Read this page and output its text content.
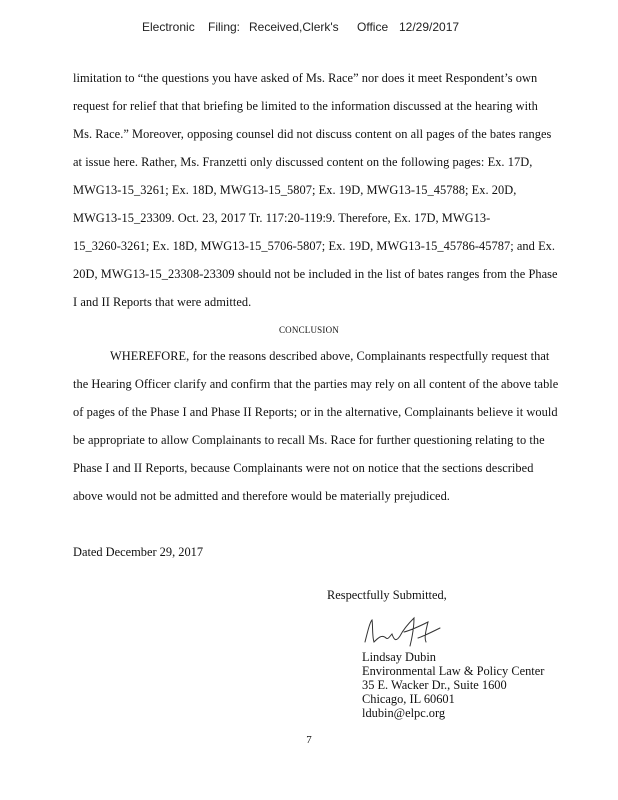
Electronic Filing: Received,Clerk's Office 12/29/2017
limitation to “the questions you have asked of Ms. Race” nor does it meet Respondent’s own
request for relief that that briefing be limited to the information discussed at the hearing with
Ms. Race.” Moreover, opposing counsel did not discuss content on all pages of the bates ranges
at issue here. Rather, Ms. Franzetti only discussed content on the following pages: Ex. 17D,
MWG13-15_3261; Ex. 18D, MWG13-15_5807; Ex. 19D, MWG13-15_45788; Ex. 20D,
MWG13-15_23309. Oct. 23, 2017 Tr. 117:20-119:9. Therefore, Ex. 17D, MWG13-
15_3260-3261; Ex. 18D, MWG13-15_5706-5807; Ex. 19D, MWG13-15_45786-45787; and Ex.
20D, MWG13-15_23308-23309 should not be included in the list of bates ranges from the Phase
I and II Reports that were admitted.
CONCLUSION
WHEREFORE, for the reasons described above, Complainants respectfully request that
the Hearing Officer clarify and confirm that the parties may rely on all content of the above table
of pages of the Phase I and Phase II Reports; or in the alternative, Complainants believe it would
be appropriate to allow Complainants to recall Ms. Race for further questioning relating to the
Phase I and II Reports, because Complainants were not on notice that the sections described
above would not be admitted and therefore would be materially prejudiced.
Dated December 29, 2017
Respectfully Submitted,
Lindsay Dubin
Environmental Law & Policy Center
35 E. Wacker Dr., Suite 1600
Chicago, IL 60601
ldubin@elpc.org
7
